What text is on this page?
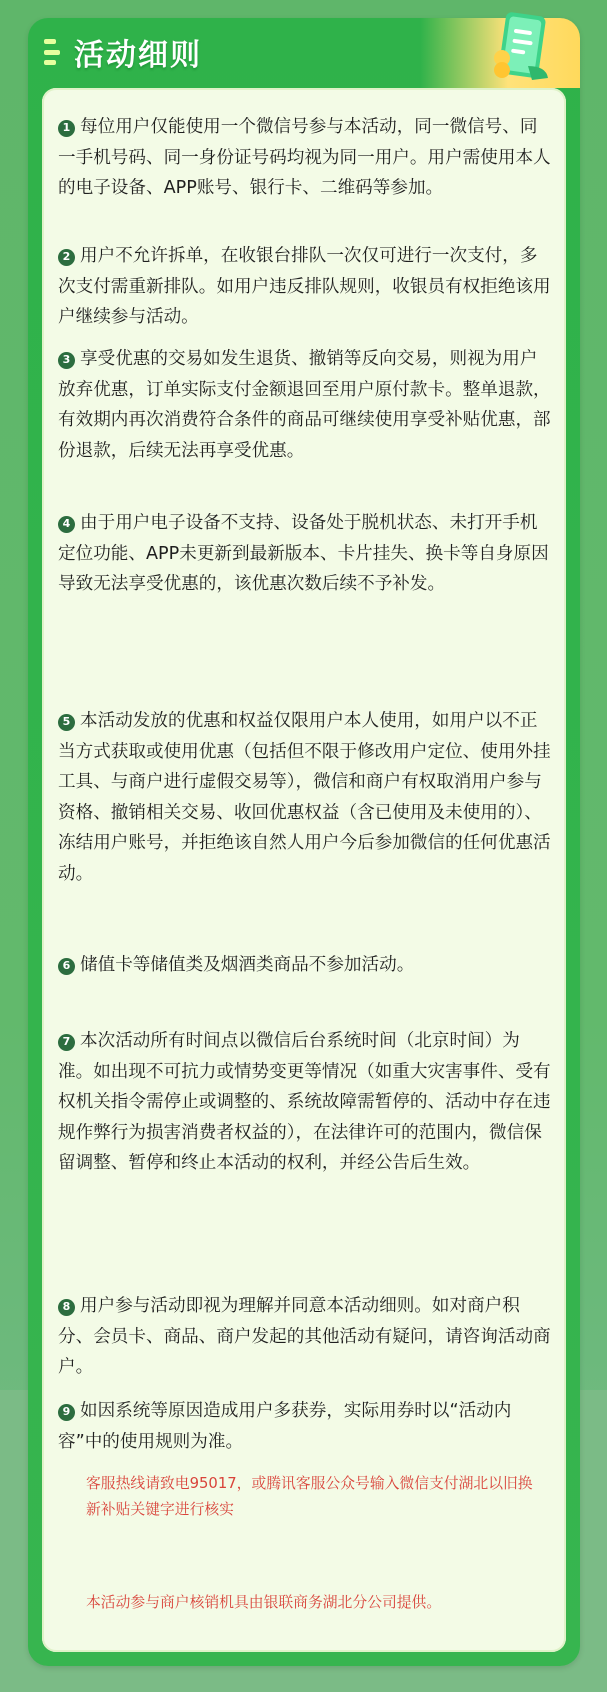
活动细则
1 每位用户仅能使用一个微信号参与本活动，同一微信号、同一手机号码、同一身份证号码均视为同一用户。用户需使用本人的电子设备、APP账号、银行卡、二维码等参加。
2 用户不允许拆单，在收银台排队一次仅可进行一次支付，多次支付需重新排队。如用户违反排队规则，收银员有权拒绝该用户继续参与活动。
3 享受优惠的交易如发生退货、撤销等反向交易，则视为用户放弃优惠，订单实际支付金额退回至用户原付款卡。整单退款，有效期内再次消费符合条件的商品可继续使用享受补贴优惠，部份退款，后续无法再享受优惠。
4 由于用户电子设备不支持、设备处于脱机状态、未打开手机定位功能、APP未更新到最新版本、卡片挂失、换卡等自身原因导致无法享受优惠的，该优惠次数后续不予补发。
5 本活动发放的优惠和权益仅限用户本人使用，如用户以不正当方式获取或使用优惠（包括但不限于修改用户定位、使用外挂工具、与商户进行虚假交易等），微信和商户有权取消用户参与资格、撤销相关交易、收回优惠权益（含已使用及未使用的）、冻结用户账号，并拒绝该自然人用户今后参加微信的任何优惠活动。
6 储值卡等储值类及烟酒类商品不参加活动。
7 本次活动所有时间点以微信后台系统时间（北京时间）为准。如出现不可抗力或情势变更等情况（如重大灾害事件、受有权机关指令需停止或调整的、系统故障需暂停的、活动中存在违规作弊行为损害消费者权益的），在法律许可的范围内，微信保留调整、暂停和终止本活动的权利，并经公告后生效。
8 用户参与活动即视为理解并同意本活动细则。如对商户积分、会员卡、商品、商户发起的其他活动有疑问，请咨询活动商户。
9 如因系统等原因造成用户多获券，实际用券时以“活动内容”中的使用规则为准。
客服热线请致电95017，或腾讯客服公众号输入微信支付湖北以旧换新补贴关键字进行核实
本活动参与商户核销机具由银联商务湖北分公司提供。
